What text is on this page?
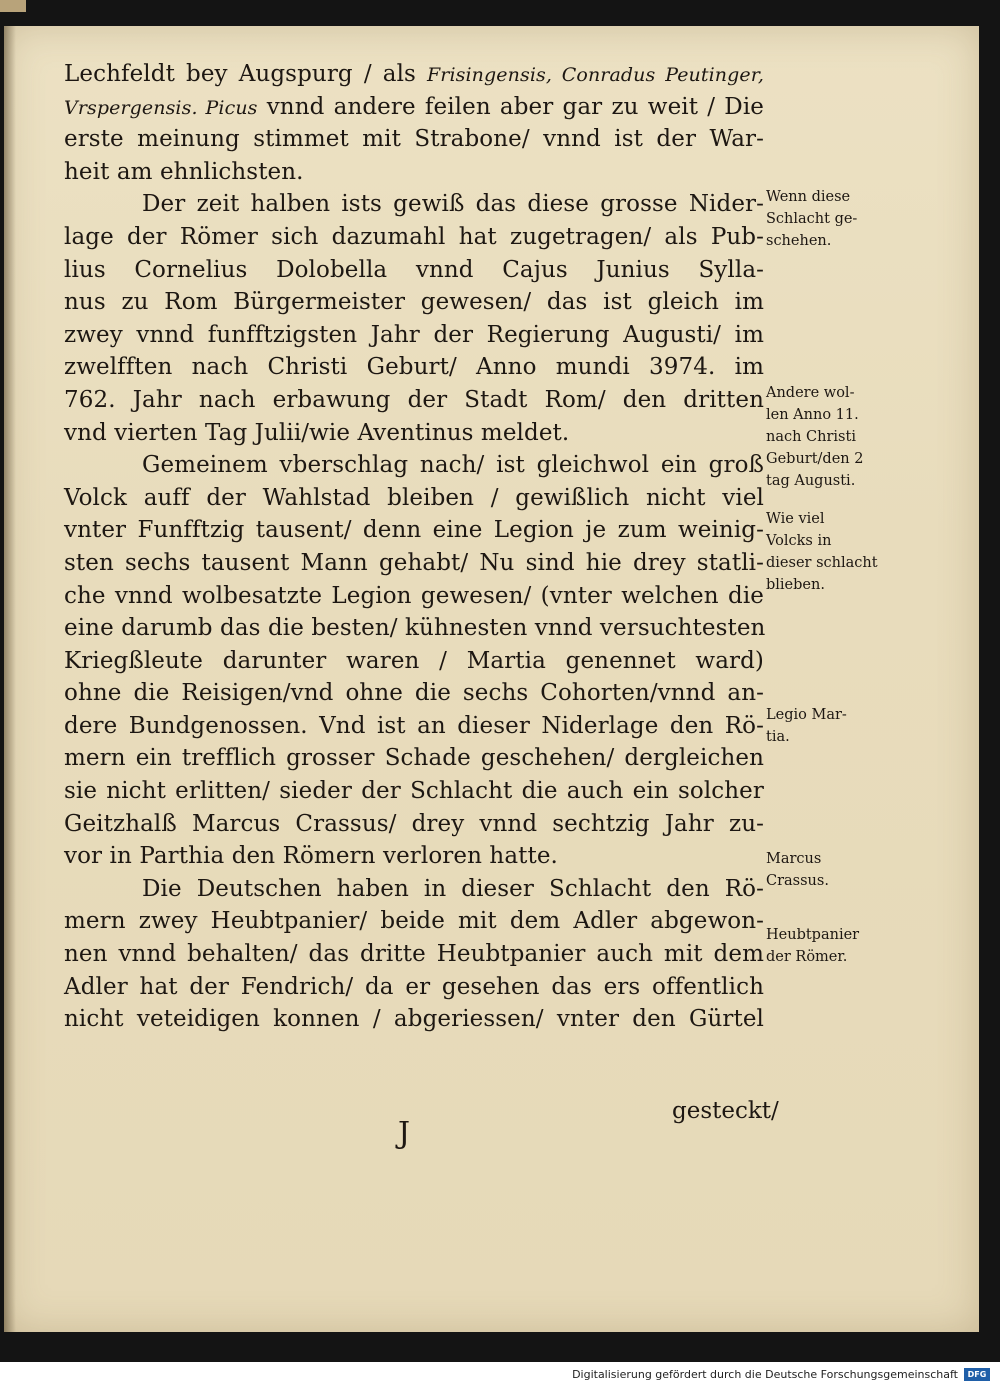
Lechfeldt bey Augspurg / als Frisingensis, Conradus Peutinger,
Vrspergensis. Picus vnnd andere feilen aber gar zu weit / Die
erste meinung stimmet mit Strabone/ vnnd ist der War-
heit am ehnlichsten.
Der zeit halben ists gewiß das diese grosse Nider-
lage der Römer sich dazumahl hat zugetragen/ als Pub-
lius Cornelius Dolobella vnnd Cajus Junius Sylla-
nus zu Rom Bürgermeister gewesen/ das ist gleich im
zwey vnnd funfftzigsten Jahr der Regierung Augusti/ im
zwelfften nach Christi Geburt/ Anno mundi 3974. im
762. Jahr nach erbawung der Stadt Rom/ den dritten
vnd vierten Tag Julii/wie Aventinus meldet.
Gemeinem vberschlag nach/ ist gleichwol ein groß
Volck auff der Wahlstad bleiben / gewißlich nicht viel
vnter Funfftzig tausent/ denn eine Legion je zum weinig-
sten sechs tausent Mann gehabt/ Nu sind hie drey statli-
che vnnd wolbesatzte Legion gewesen/ (vnter welchen die
eine darumb das die besten/ kühnesten vnnd versuchtesten
Kriegßleute darunter waren / Martia genennet ward)
ohne die Reisigen/vnd ohne die sechs Cohorten/vnnd an-
dere Bundgenossen. Vnd ist an dieser Niderlage den Rö-
mern ein trefflich grosser Schade geschehen/ dergleichen
sie nicht erlitten/ sieder der Schlacht die auch ein solcher
Geitzhalß Marcus Crassus/ drey vnnd sechtzig Jahr zu-
vor in Parthia den Römern verloren hatte.
Die Deutschen haben in dieser Schlacht den Rö-
mern zwey Heubtpanier/ beide mit dem Adler abgewon-
nen vnnd behalten/ das dritte Heubtpanier auch mit dem
Adler hat der Fendrich/ da er gesehen das ers offentlich
nicht veteidigen konnen / abgeriessen/ vnter den Gürtel
Wenn diese
Schlacht ge-
schehen.
Andere wol-
len Anno 11.
nach Christi
Geburt/den 2
tag Augusti.
Wie viel
Volcks in
dieser schlacht
blieben.
Legio Mar-
tia.
Marcus
Crassus.
Heubtpanier
der Römer.
J
gesteckt/
Digitalisierung gefördert durch die Deutsche Forschungsgemeinschaft	DFG
